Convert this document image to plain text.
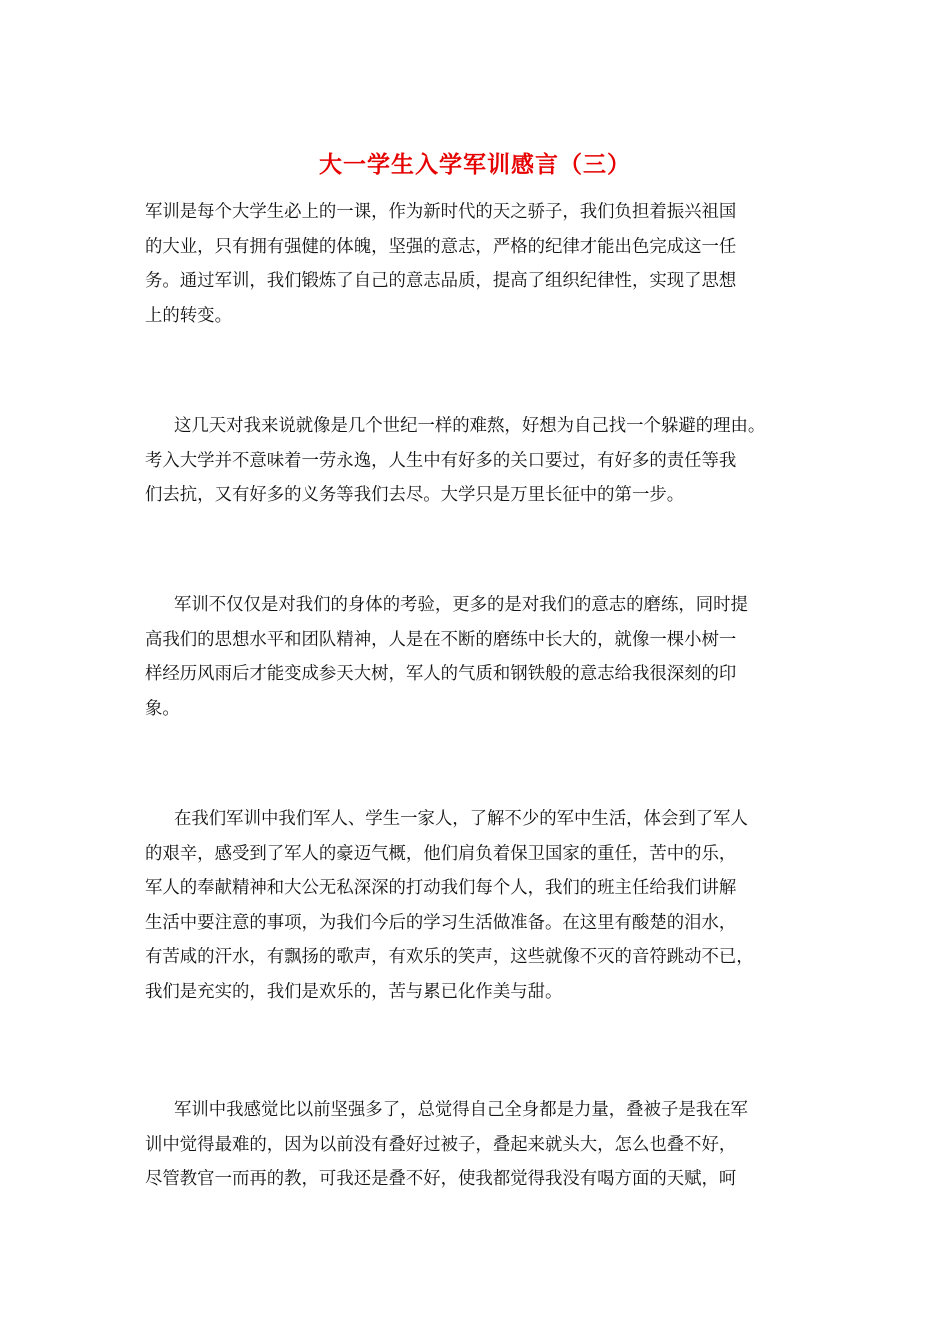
大一学生入学军训感言（三）
军训是每个大学生必上的一课，作为新时代的天之骄子，我们负担着振兴祖国
的大业，只有拥有强健的体魄，坚强的意志，严格的纪律才能出色完成这一任
务。通过军训，我们锻炼了自己的意志品质，提高了组织纪律性，实现了思想
上的转变。
这几天对我来说就像是几个世纪一样的难熬，好想为自己找一个躲避的理由。
考入大学并不意味着一劳永逸，人生中有好多的关口要过，有好多的责任等我
们去抗，又有好多的义务等我们去尽。大学只是万里长征中的第一步。
军训不仅仅是对我们的身体的考验，更多的是对我们的意志的磨练，同时提
高我们的思想水平和团队精神，人是在不断的磨练中长大的，就像一棵小树一
样经历风雨后才能变成参天大树，军人的气质和钢铁般的意志给我很深刻的印
象。
在我们军训中我们军人、学生一家人，了解不少的军中生活，体会到了军人
的艰辛，感受到了军人的豪迈气概，他们肩负着保卫国家的重任，苦中的乐，
军人的奉献精神和大公无私深深的打动我们每个人，我们的班主任给我们讲解
生活中要注意的事项，为我们今后的学习生活做准备。在这里有酸楚的泪水，
有苦咸的汗水，有飘扬的歌声，有欢乐的笑声，这些就像不灭的音符跳动不已，
我们是充实的，我们是欢乐的，苦与累已化作美与甜。
军训中我感觉比以前坚强多了，总觉得自己全身都是力量，叠被子是我在军
训中觉得最难的，因为以前没有叠好过被子，叠起来就头大，怎么也叠不好，
尽管教官一而再的教，可我还是叠不好，使我都觉得我没有喝方面的天赋，呵
